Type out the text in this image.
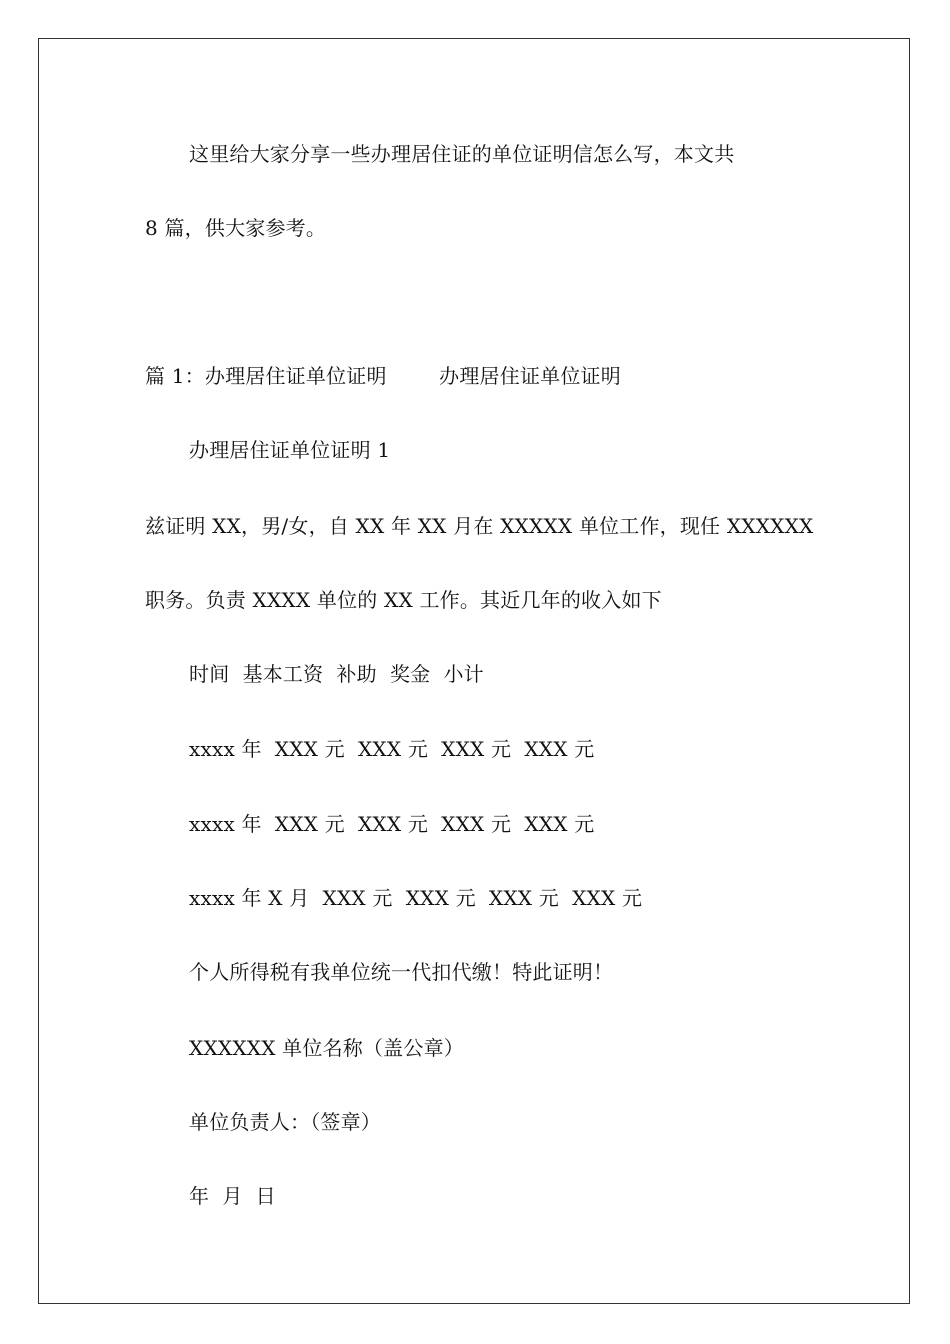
这里给大家分享一些办理居住证的单位证明信怎么写，本文共
8 篇，供大家参考。
篇 1：办理居住证单位证明        办理居住证单位证明
办理居住证单位证明 1
兹证明 XX，男/女，自 XX 年 XX 月在 XXXXX 单位工作，现任 XXXXXX
职务。负责 XXXX 单位的 XX 工作。其近几年的收入如下
时间  基本工资  补助  奖金  小计
xxxx 年  XXX 元  XXX 元  XXX 元  XXX 元
xxxx 年  XXX 元  XXX 元  XXX 元  XXX 元
xxxx 年 X 月  XXX 元  XXX 元  XXX 元  XXX 元
个人所得税有我单位统一代扣代缴！特此证明！
XXXXXX 单位名称（盖公章）
单位负责人：（签章）
年  月  日
